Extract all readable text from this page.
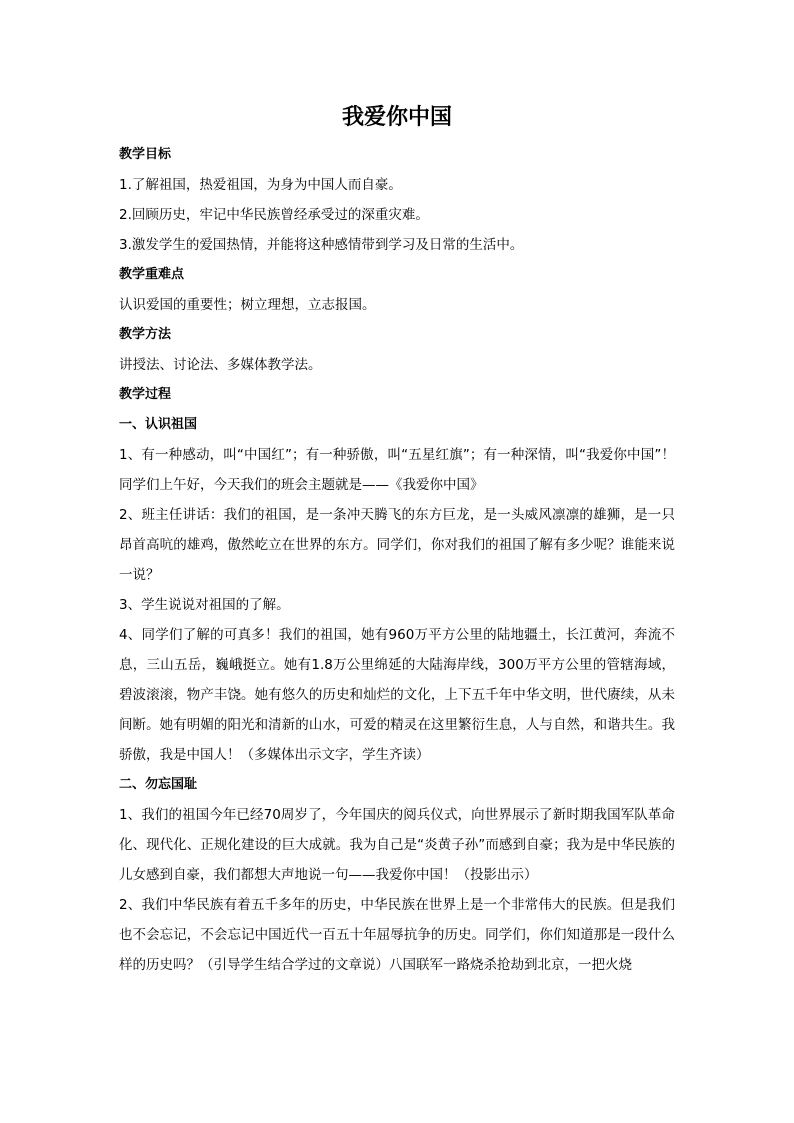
我爱你中国

教学目标

1.了解祖国，热爱祖国，为身为中国人而自豪。

2.回顾历史，牢记中华民族曾经承受过的深重灾难。

3.激发学生的爱国热情，并能将这种感情带到学习及日常的生活中。

教学重难点

认识爱国的重要性；树立理想，立志报国。

教学方法

讲授法、讨论法、多媒体教学法。

教学过程

一、认识祖国

1、有一种感动，叫“中国红”；有一种骄傲，叫“五星红旗”；有一种深情，叫“我爱你中国”！同学们上午好，今天我们的班会主题就是——《我爱你中国》

2、班主任讲话：我们的祖国，是一条冲天腾飞的东方巨龙，是一头威风凛凛的雄狮，是一只昂首高吭的雄鸡，傲然屹立在世界的东方。同学们，你对我们的祖国了解有多少呢？谁能来说一说？

3、学生说说对祖国的了解。

4、同学们了解的可真多！我们的祖国，她有960万平方公里的陆地疆土，长江黄河，奔流不息，三山五岳，巍峨挺立。她有1.8万公里绵延的大陆海岸线，300万平方公里的管辖海域，碧波滚滚，物产丰饶。她有悠久的历史和灿烂的文化，上下五千年中华文明，世代赓续，从未间断。她有明媚的阳光和清新的山水，可爱的精灵在这里繁衍生息，人与自然，和谐共生。我骄傲，我是中国人！（多媒体出示文字，学生齐读）

二、勿忘国耻

1、我们的祖国今年已经70周岁了，今年国庆的阅兵仪式，向世界展示了新时期我国军队革命化、现代化、正规化建设的巨大成就。我为自己是“炎黄子孙”而感到自豪；我为是中华民族的儿女感到自豪，我们都想大声地说一句——我爱你中国！（投影出示）

2、我们中华民族有着五千多年的历史，中华民族在世界上是一个非常伟大的民族。但是我们也不会忘记，不会忘记中国近代一百五十年屈辱抗争的历史。同学们，你们知道那是一段什么样的历史吗？（引导学生结合学过的文章说）八国联军一路烧杀抢劫到北京，一把火烧
